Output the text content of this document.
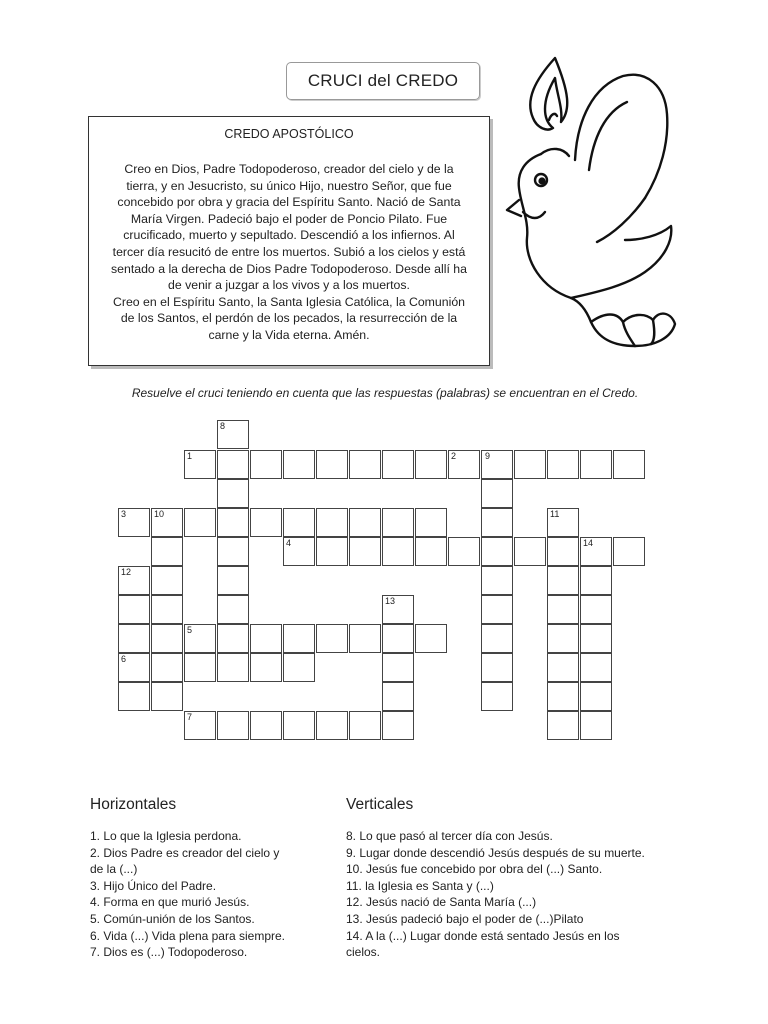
CRUCI del CREDO
CREDO APOSTÓLICO
Creo en Dios, Padre Todopoderoso, creador del cielo y de la
tierra, y en Jesucristo, su único Hijo, nuestro Señor, que fue
concebido por obra y gracia del Espíritu Santo. Nació de Santa
María Virgen. Padeció bajo el poder de Poncio Pilato. Fue
crucificado, muerto y sepultado. Descendió a los infiernos. Al
tercer día resucitó de entre los muertos. Subió a los cielos y está
sentado a la derecha de Dios Padre Todopoderoso. Desde allí ha
de venir a juzgar a los vivos y a los muertos.
Creo en el Espíritu Santo, la Santa Iglesia Católica, la Comunión
de los Santos, el perdón de los pecados, la resurrección de la
carne y la Vida eterna. Amén.
Resuelve el cruci teniendo en cuenta que las respuestas (palabras) se encuentran en el Credo.
1	2
3
4
5
6
7
8
9
10	11
12
13
14
Horizontales
1. Lo que la Iglesia perdona.
2. Dios Padre es creador del cielo y
de la (...)
3. Hijo Único del Padre.
4. Forma en que murió Jesús.
5. Común-unión de los Santos.
6. Vida (...) Vida plena para siempre.
7. Dios es (...) Todopoderoso.
Verticales
8. Lo que pasó al tercer día con Jesús.
9. Lugar donde descendió Jesús después de su muerte.
10. Jesús fue concebido por obra del (...) Santo.
11. la Iglesia es Santa y (...)
12. Jesús nació de Santa María (...)
13. Jesús padeció bajo el poder de (...)Pilato
14. A la (...) Lugar donde está sentado Jesús en los
cielos.
